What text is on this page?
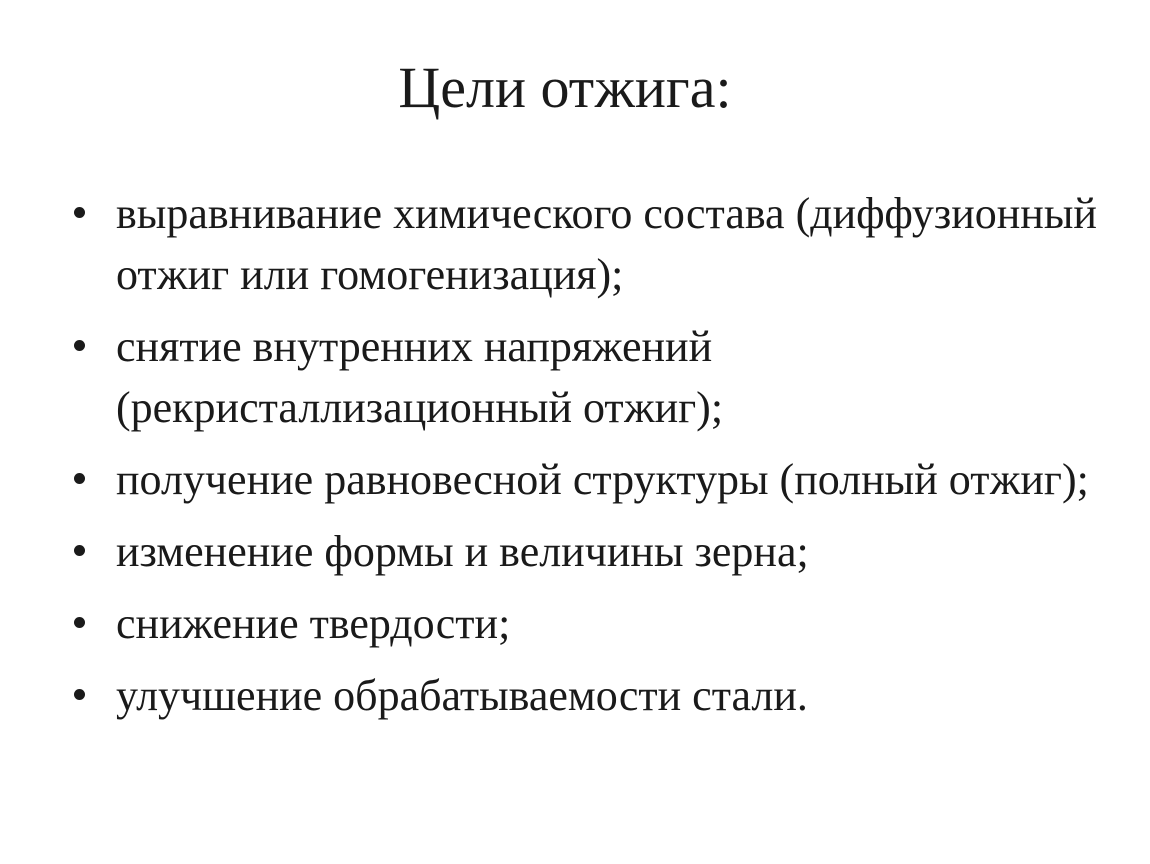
Цели отжига:
выравнивание химического состава (диффузионный отжиг или гомогенизация);
снятие внутренних напряжений (рекристаллизационный отжиг);
получение равновесной структуры (полный отжиг);
изменение формы и величины зерна;
снижение твердости;
улучшение обрабатываемости стали.
